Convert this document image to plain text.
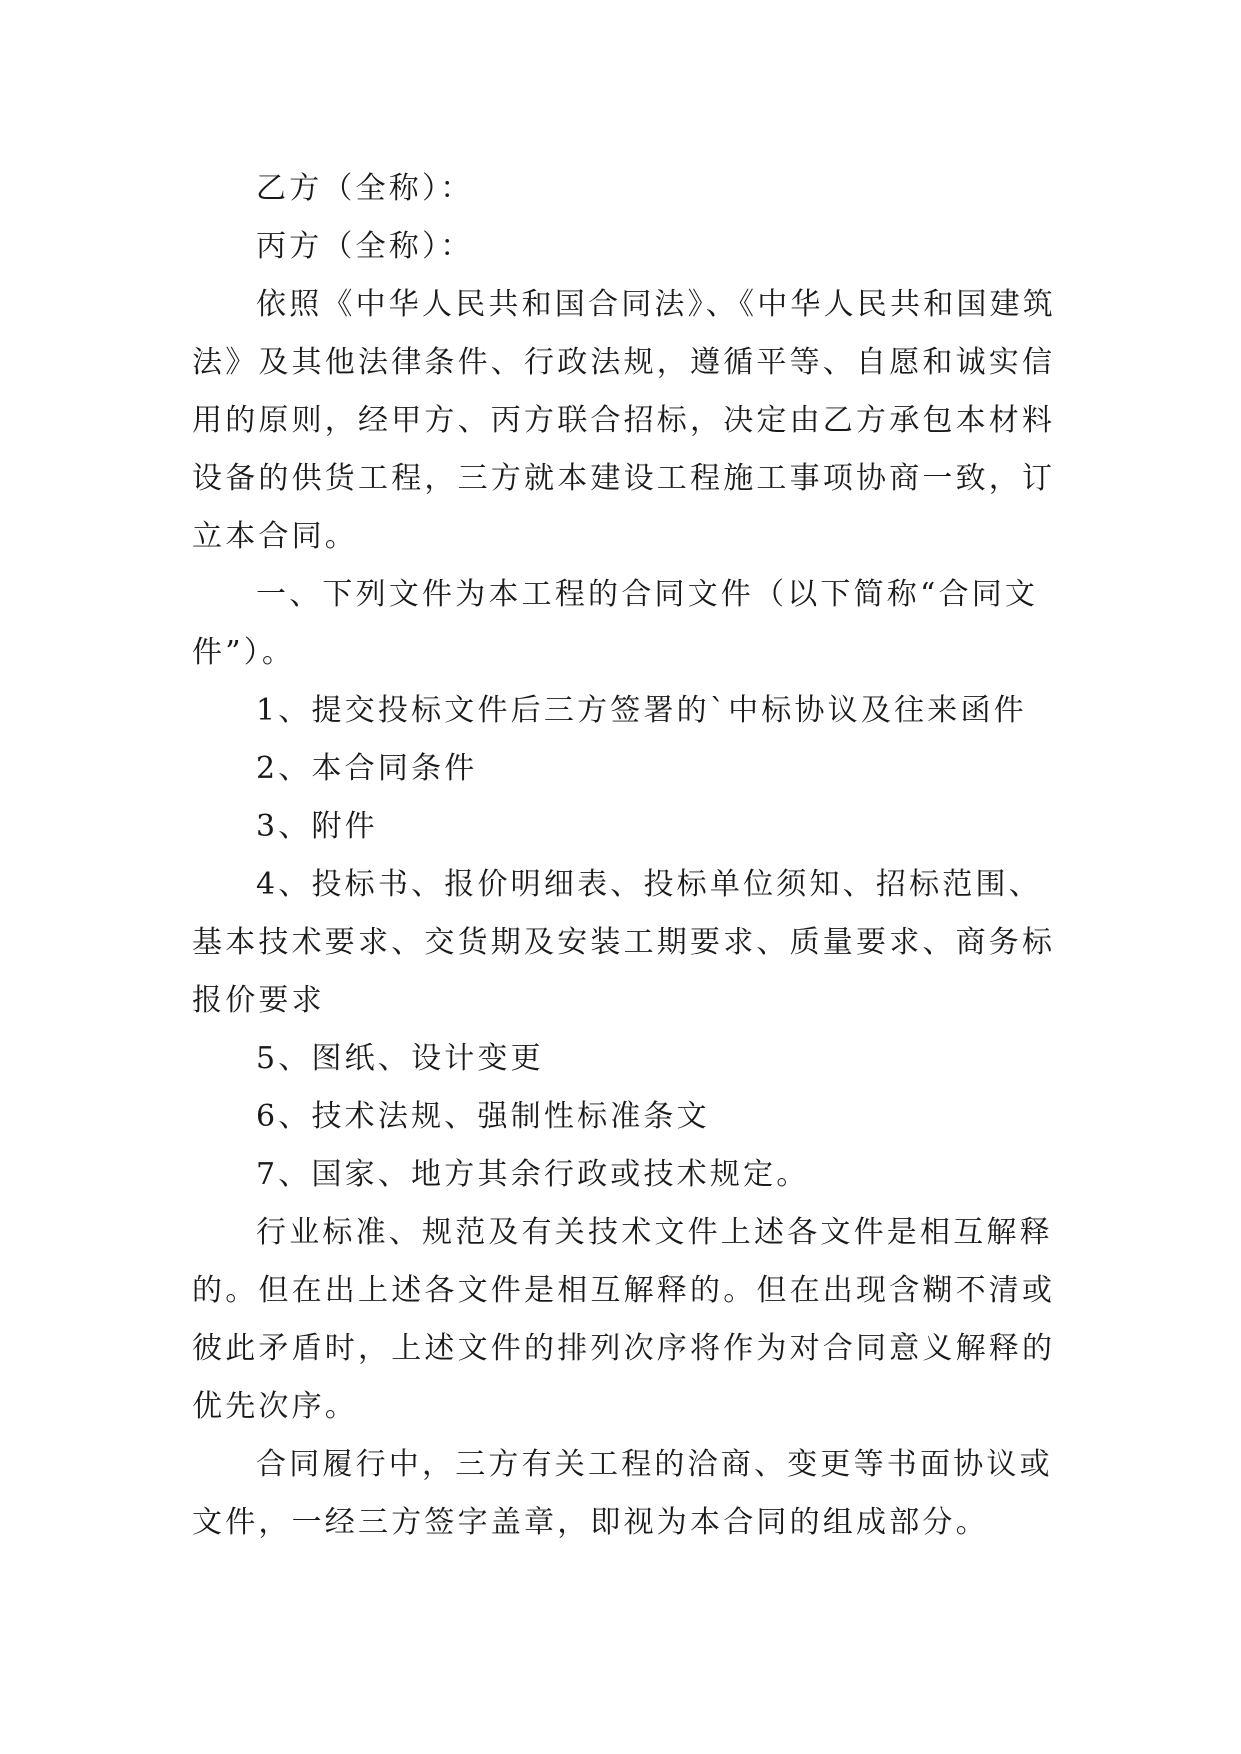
乙方（全称）：
丙方（全称）：
依照《中华人民共和国合同法》、《中华人民共和国建筑
法》及其他法律条件、行政法规，遵循平等、自愿和诚实信
用的原则，经甲方、丙方联合招标，决定由乙方承包本材料
设备的供货工程，三方就本建设工程施工事项协商一致，订
立本合同。
一、下列文件为本工程的合同文件（以下简称“合同文
件”）。
1、提交投标文件后三方签署的`中标协议及往来函件
2、本合同条件
3、附件
4、投标书、报价明细表、投标单位须知、招标范围、
基本技术要求、交货期及安装工期要求、质量要求、商务标
报价要求
5、图纸、设计变更
6、技术法规、强制性标准条文
7、国家、地方其余行政或技术规定。
行业标准、规范及有关技术文件上述各文件是相互解释
的。但在出上述各文件是相互解释的。但在出现含糊不清或
彼此矛盾时，上述文件的排列次序将作为对合同意义解释的
优先次序。
合同履行中，三方有关工程的洽商、变更等书面协议或
文件，一经三方签字盖章，即视为本合同的组成部分。
